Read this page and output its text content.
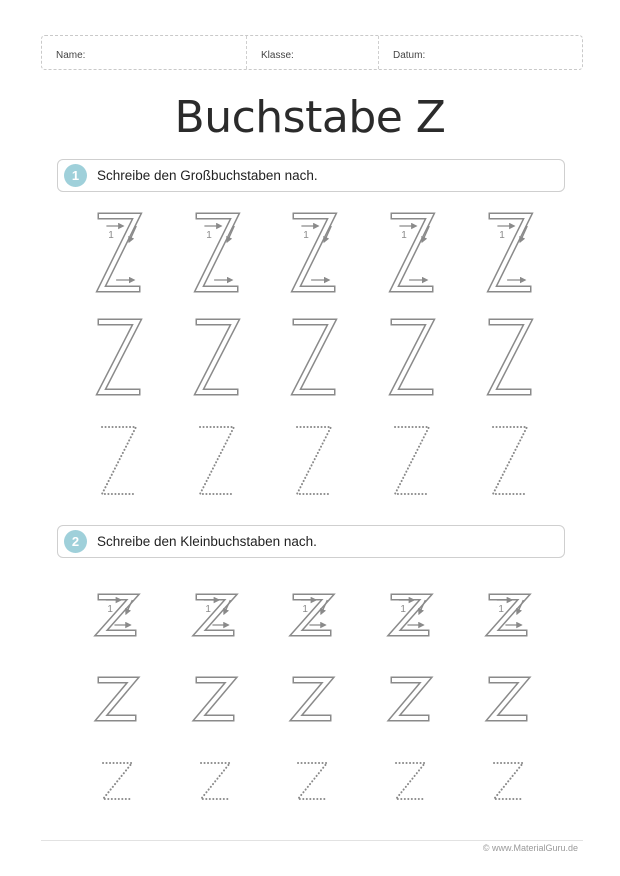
Name:	Klasse:	Datum:
Buchstabe Z
1	Schreibe den Großbuchstaben nach.
2	Schreibe den Kleinbuchstaben nach.
1	1	1	1	1
1	1	1	1	1
© www.MaterialGuru.de
